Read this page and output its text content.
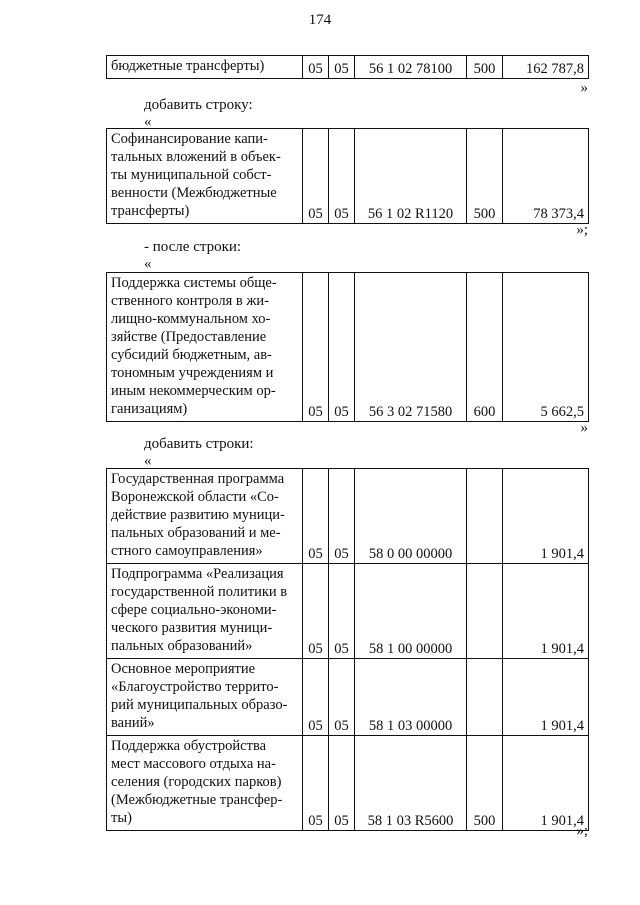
174
бюджетные трансферты)	05	05	56 1 02 78100	500	162 787,8
»
добавить строку:
«
Софинансирование капи-
тальных вложений в объек-
ты муниципальной собст-
венности (Межбюджетные
трансферты)	05	05	56 1 02 R1120	500	78 373,4
»;
- после строки:
«
Поддержка системы обще-
ственного контроля в жи-
лищно-коммунальном хо-
зяйстве (Предоставление
субсидий бюджетным, ав-
тономным учреждениям и
иным некоммерческим ор-
ганизациям)	05	05	56 3 02 71580	600	5 662,5
»
добавить строки:
«
Государственная программа
Воронежской области «Со-
действие развитию муници-
пальных образований и ме-
стного самоуправления»	05	05	58 0 00 00000		1 901,4
Подпрограмма «Реализация
государственной политики в
сфере социально-экономи-
ческого развития муници-
пальных образований»	05	05	58 1 00 00000		1 901,4
Основное мероприятие
«Благоустройство террито-
рий муниципальных образо-
ваний»	05	05	58 1 03 00000		1 901,4
Поддержка обустройства
мест массового отдыха на-
селения (городских парков)
(Межбюджетные трансфер-
ты)	05	05	58 1 03 R5600	500	1 901,4
»;
